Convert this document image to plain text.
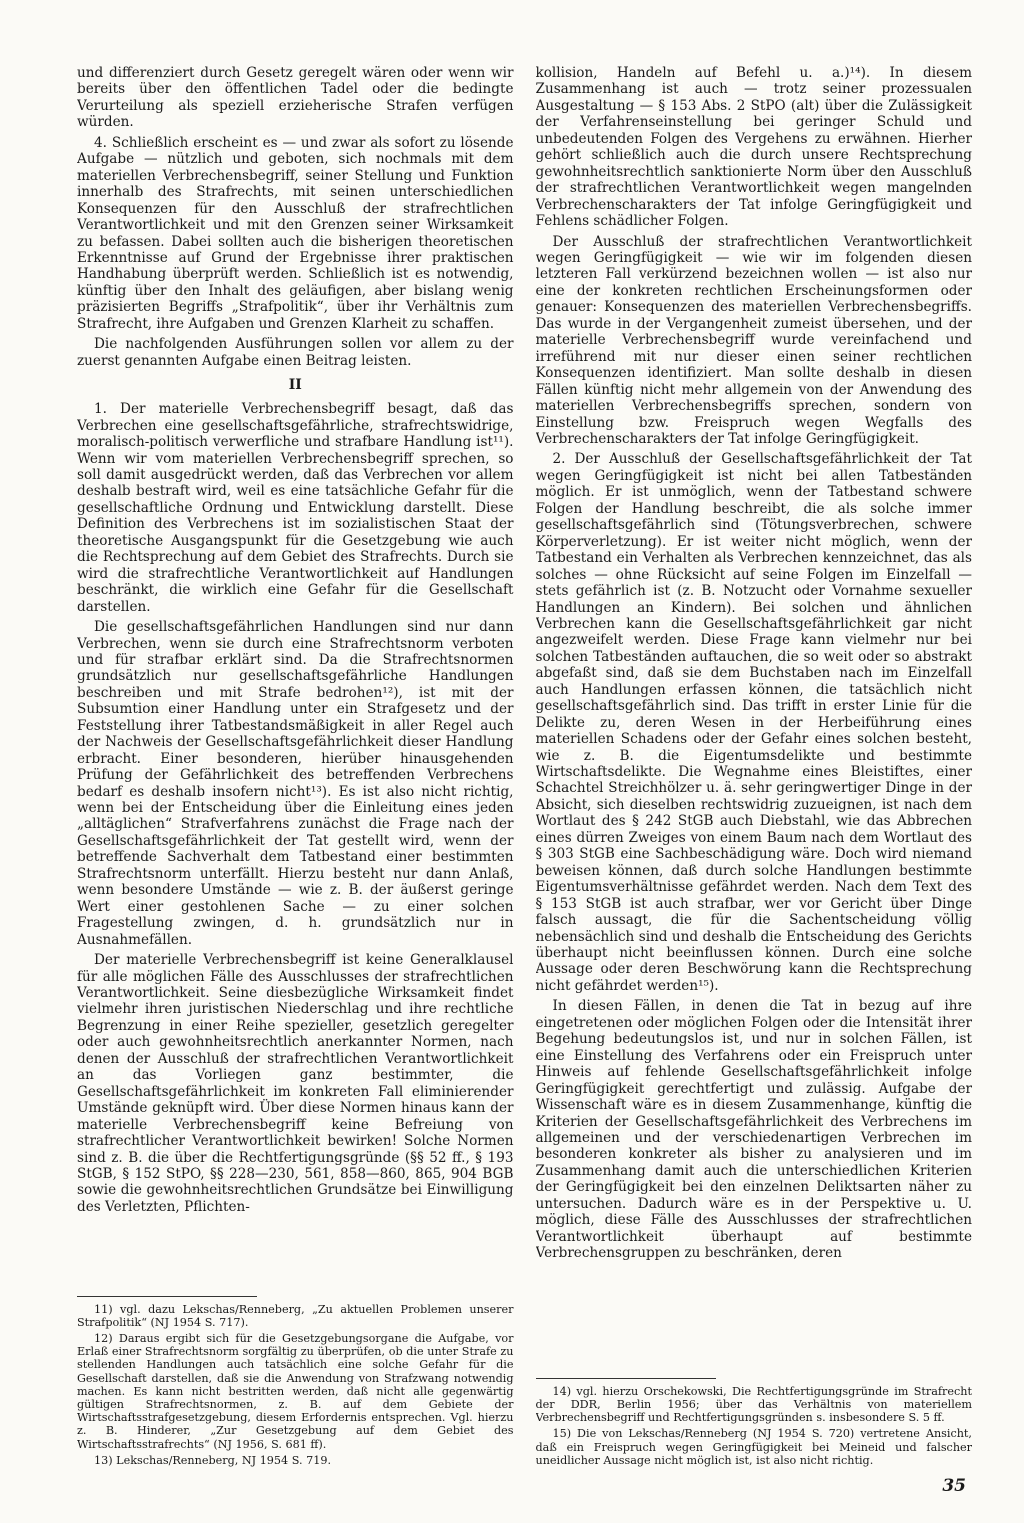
und differenziert durch Gesetz geregelt wären oder wenn wir bereits über den öffentlichen Tadel oder die bedingte Verurteilung als speziell erzieherische Strafen verfügen würden.

4. Schließlich erscheint es — und zwar als sofort zu lösende Aufgabe — nützlich und geboten, sich nochmals mit dem materiellen Verbrechensbegriff, seiner Stellung und Funktion innerhalb des Strafrechts, mit seinen unterschiedlichen Konsequenzen für den Ausschluß der strafrechtlichen Verantwortlichkeit und mit den Grenzen seiner Wirksamkeit zu befassen. Dabei sollten auch die bisherigen theoretischen Erkenntnisse auf Grund der Ergebnisse ihrer praktischen Handhabung überprüft werden. Schließlich ist es notwendig, künftig über den Inhalt des geläufigen, aber bislang wenig präzisierten Begriffs „Strafpolitik“, über ihr Verhältnis zum Strafrecht, ihre Aufgaben und Grenzen Klarheit zu schaffen.

Die nachfolgenden Ausführungen sollen vor allem zu der zuerst genannten Aufgabe einen Beitrag leisten.

II

1. Der materielle Verbrechensbegriff besagt, daß das Verbrechen eine gesellschaftsgefährliche, strafrechtswidrige, moralisch-politisch verwerfliche und strafbare Handlung ist¹¹). Wenn wir vom materiellen Verbrechensbegriff sprechen, so soll damit ausgedrückt werden, daß das Verbrechen vor allem deshalb bestraft wird, weil es eine tatsächliche Gefahr für die gesellschaftliche Ordnung und Entwicklung darstellt. Diese Definition des Verbrechens ist im sozialistischen Staat der theoretische Ausgangspunkt für die Gesetzgebung wie auch die Rechtsprechung auf dem Gebiet des Strafrechts. Durch sie wird die strafrechtliche Verantwortlichkeit auf Handlungen beschränkt, die wirklich eine Gefahr für die Gesellschaft darstellen.

Die gesellschaftsgefährlichen Handlungen sind nur dann Verbrechen, wenn sie durch eine Strafrechtsnorm verboten und für strafbar erklärt sind. Da die Strafrechtsnormen grundsätzlich nur gesellschaftsgefährliche Handlungen beschreiben und mit Strafe bedrohen¹²), ist mit der Subsumtion einer Handlung unter ein Strafgesetz und der Feststellung ihrer Tatbestandsmäßigkeit in aller Regel auch der Nachweis der Gesellschaftsgefährlichkeit dieser Handlung erbracht. Einer besonderen, hierüber hinausgehenden Prüfung der Gefährlichkeit des betreffenden Verbrechens bedarf es deshalb insofern nicht¹³). Es ist also nicht richtig, wenn bei der Entscheidung über die Einleitung eines jeden „alltäglichen“ Strafverfahrens zunächst die Frage nach der Gesellschaftsgefährlichkeit der Tat gestellt wird, wenn der betreffende Sachverhalt dem Tatbestand einer bestimmten Strafrechtsnorm unterfällt. Hierzu besteht nur dann Anlaß, wenn besondere Umstände — wie z. B. der äußerst geringe Wert einer gestohlenen Sache — zu einer solchen Fragestellung zwingen, d. h. grundsätzlich nur in Ausnahmefällen.

Der materielle Verbrechensbegriff ist keine Generalklausel für alle möglichen Fälle des Ausschlusses der strafrechtlichen Verantwortlichkeit. Seine diesbezügliche Wirksamkeit findet vielmehr ihren juristischen Niederschlag und ihre rechtliche Begrenzung in einer Reihe spezieller, gesetzlich geregelter oder auch gewohnheitsrechtlich anerkannter Normen, nach denen der Ausschluß der strafrechtlichen Verantwortlichkeit an das Vorliegen ganz bestimmter, die Gesellschaftsgefährlichkeit im konkreten Fall eliminierender Umstände geknüpft wird. Über diese Normen hinaus kann der materielle Verbrechensbegriff keine Befreiung von strafrechtlicher Verantwortlichkeit bewirken! Solche Normen sind z. B. die über die Rechtfertigungsgründe (§§ 52 ff., § 193 StGB, § 152 StPO, §§ 228—230, 561, 858—860, 865, 904 BGB sowie die gewohnheitsrechtlichen Grundsätze bei Einwilligung des Verletzten, Pflichten-

11) vgl. dazu Lekschas/Renneberg, „Zu aktuellen Problemen unserer Strafpolitik“ (NJ 1954 S. 717).

12) Daraus ergibt sich für die Gesetzgebungsorgane die Aufgabe, vor Erlaß einer Strafrechtsnorm sorgfältig zu überprüfen, ob die unter Strafe zu stellenden Handlungen auch tatsächlich eine solche Gefahr für die Gesellschaft darstellen, daß sie die Anwendung von Strafzwang notwendig machen. Es kann nicht bestritten werden, daß nicht alle gegenwärtig gültigen Strafrechtsnormen, z. B. auf dem Gebiete der Wirtschaftsstrafgesetzgebung, diesem Erfordernis entsprechen. Vgl. hierzu z. B. Hinderer, „Zur Gesetzgebung auf dem Gebiet des Wirtschaftsstrafrechts“ (NJ 1956, S. 681 ff).

13) Lekschas/Renneberg, NJ 1954 S. 719.

kollision, Handeln auf Befehl u. a.)¹⁴). In diesem Zusammenhang ist auch — trotz seiner prozessualen Ausgestaltung — § 153 Abs. 2 StPO (alt) über die Zulässigkeit der Verfahrenseinstellung bei geringer Schuld und unbedeutenden Folgen des Vergehens zu erwähnen. Hierher gehört schließlich auch die durch unsere Rechtsprechung gewohnheitsrechtlich sanktionierte Norm über den Ausschluß der strafrechtlichen Verantwortlichkeit wegen mangelnden Verbrechenscharakters der Tat infolge Geringfügigkeit und Fehlens schädlicher Folgen.

Der Ausschluß der strafrechtlichen Verantwortlichkeit wegen Geringfügigkeit — wie wir im folgenden diesen letzteren Fall verkürzend bezeichnen wollen — ist also nur eine der konkreten rechtlichen Erscheinungsformen oder genauer: Konsequenzen des materiellen Verbrechensbegriffs. Das wurde in der Vergangenheit zumeist übersehen, und der materielle Verbrechensbegriff wurde vereinfachend und irreführend mit nur dieser einen seiner rechtlichen Konsequenzen identifiziert. Man sollte deshalb in diesen Fällen künftig nicht mehr allgemein von der Anwendung des materiellen Verbrechensbegriffs sprechen, sondern von Einstellung bzw. Freispruch wegen Wegfalls des Verbrechenscharakters der Tat infolge Geringfügigkeit.

2. Der Ausschluß der Gesellschaftsgefährlichkeit der Tat wegen Geringfügigkeit ist nicht bei allen Tatbeständen möglich. Er ist unmöglich, wenn der Tatbestand schwere Folgen der Handlung beschreibt, die als solche immer gesellschaftsgefährlich sind (Tötungsverbrechen, schwere Körperverletzung). Er ist weiter nicht möglich, wenn der Tatbestand ein Verhalten als Verbrechen kennzeichnet, das als solches — ohne Rücksicht auf seine Folgen im Einzelfall — stets gefährlich ist (z. B. Notzucht oder Vornahme sexueller Handlungen an Kindern). Bei solchen und ähnlichen Verbrechen kann die Gesellschaftsgefährlichkeit gar nicht angezweifelt werden. Diese Frage kann vielmehr nur bei solchen Tatbeständen auftauchen, die so weit oder so abstrakt abgefaßt sind, daß sie dem Buchstaben nach im Einzelfall auch Handlungen erfassen können, die tatsächlich nicht gesellschaftsgefährlich sind. Das trifft in erster Linie für die Delikte zu, deren Wesen in der Herbeiführung eines materiellen Schadens oder der Gefahr eines solchen besteht, wie z. B. die Eigentumsdelikte und bestimmte Wirtschaftsdelikte. Die Wegnahme eines Bleistiftes, einer Schachtel Streichhölzer u. ä. sehr geringwertiger Dinge in der Absicht, sich dieselben rechtswidrig zuzueignen, ist nach dem Wortlaut des § 242 StGB auch Diebstahl, wie das Abbrechen eines dürren Zweiges von einem Baum nach dem Wortlaut des § 303 StGB eine Sachbeschädigung wäre. Doch wird niemand beweisen können, daß durch solche Handlungen bestimmte Eigentumsverhältnisse gefährdet werden. Nach dem Text des § 153 StGB ist auch strafbar, wer vor Gericht über Dinge falsch aussagt, die für die Sachentscheidung völlig nebensächlich sind und deshalb die Entscheidung des Gerichts überhaupt nicht beeinflussen können. Durch eine solche Aussage oder deren Beschwörung kann die Rechtsprechung nicht gefährdet werden¹⁵).

In diesen Fällen, in denen die Tat in bezug auf ihre eingetretenen oder möglichen Folgen oder die Intensität ihrer Begehung bedeutungslos ist, und nur in solchen Fällen, ist eine Einstellung des Verfahrens oder ein Freispruch unter Hinweis auf fehlende Gesellschaftsgefährlichkeit infolge Geringfügigkeit gerechtfertigt und zulässig. Aufgabe der Wissenschaft wäre es in diesem Zusammenhange, künftig die Kriterien der Gesellschaftsgefährlichkeit des Verbrechens im allgemeinen und der verschiedenartigen Verbrechen im besonderen konkreter als bisher zu analysieren und im Zusammenhang damit auch die unterschiedlichen Kriterien der Geringfügigkeit bei den einzelnen Deliktsarten näher zu untersuchen. Dadurch wäre es in der Perspektive u. U. möglich, diese Fälle des Ausschlusses der strafrechtlichen Verantwortlichkeit überhaupt auf bestimmte Verbrechensgruppen zu beschränken, deren

14) vgl. hierzu Orschekowski, Die Rechtfertigungsgründe im Strafrecht der DDR, Berlin 1956; über das Verhältnis von materiellem Verbrechensbegriff und Rechtfertigungsgründen s. insbesondere S. 5 ff.

15) Die von Lekschas/Renneberg (NJ 1954 S. 720) vertretene Ansicht, daß ein Freispruch wegen Geringfügigkeit bei Meineid und falscher uneidlicher Aussage nicht möglich ist, ist also nicht richtig.

35
